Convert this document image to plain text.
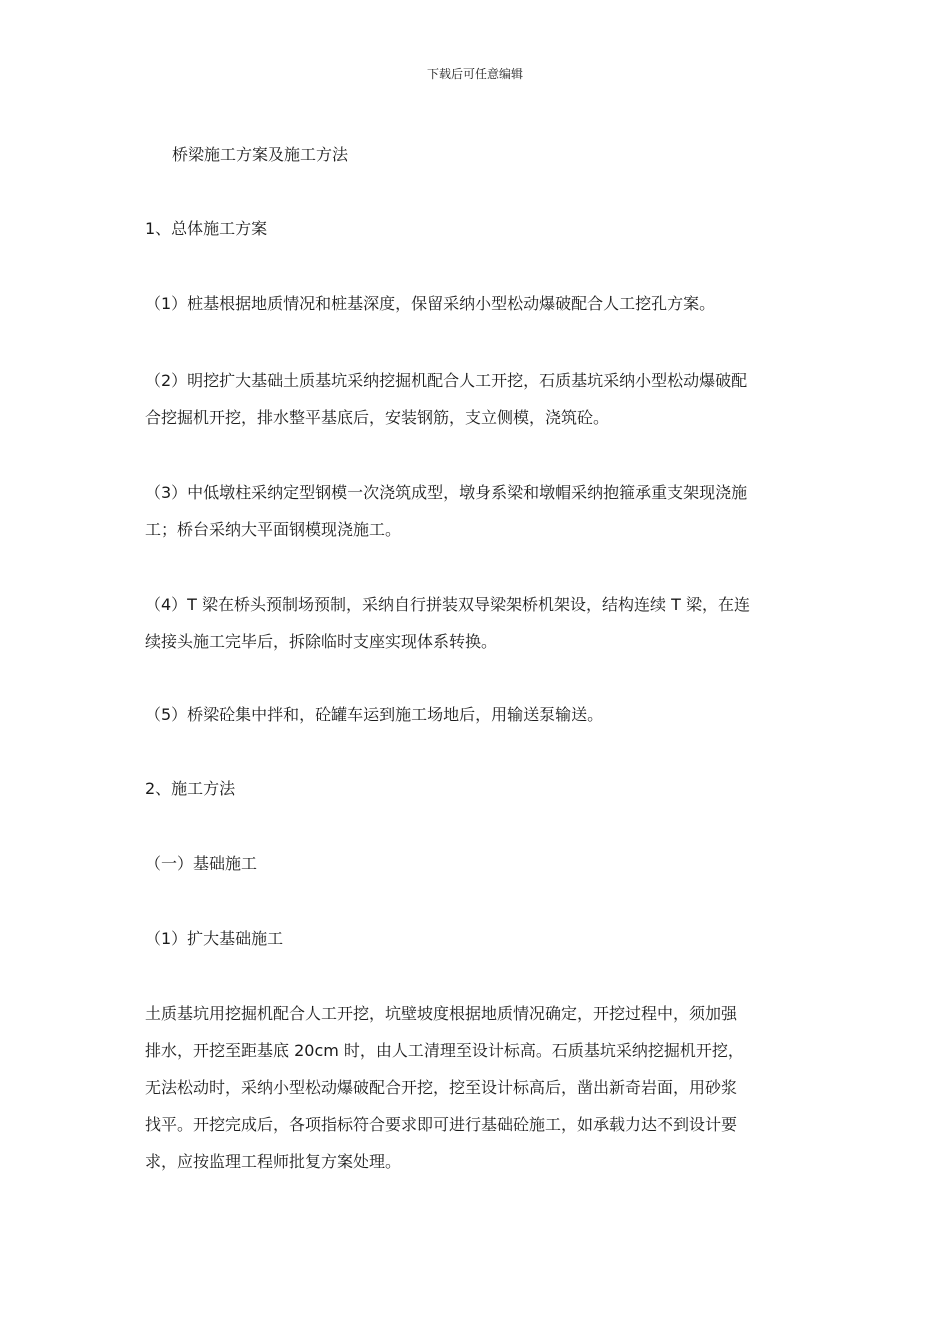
下载后可任意编辑
桥梁施工方案及施工方法
1、总体施工方案
（1）桩基根据地质情况和桩基深度，保留采纳小型松动爆破配合人工挖孔方案。
（2）明挖扩大基础土质基坑采纳挖掘机配合人工开挖，石质基坑采纳小型松动爆破配
合挖掘机开挖，排水整平基底后，安装钢筋，支立侧模，浇筑砼。
（3）中低墩柱采纳定型钢模一次浇筑成型，墩身系梁和墩帽采纳抱箍承重支架现浇施
工；桥台采纳大平面钢模现浇施工。
（4）T 梁在桥头预制场预制，采纳自行拼装双导梁架桥机架设，结构连续 T 梁，在连
续接头施工完毕后，拆除临时支座实现体系转换。
（5）桥梁砼集中拌和，砼罐车运到施工场地后，用输送泵输送。
2、施工方法
（一）基础施工
（1）扩大基础施工
土质基坑用挖掘机配合人工开挖，坑壁坡度根据地质情况确定，开挖过程中，须加强
排水，开挖至距基底 20cm 时，由人工清理至设计标高。石质基坑采纳挖掘机开挖，
无法松动时，采纳小型松动爆破配合开挖，挖至设计标高后，凿出新奇岩面，用砂浆
找平。开挖完成后，各项指标符合要求即可进行基础砼施工，如承载力达不到设计要
求，应按监理工程师批复方案处理。
